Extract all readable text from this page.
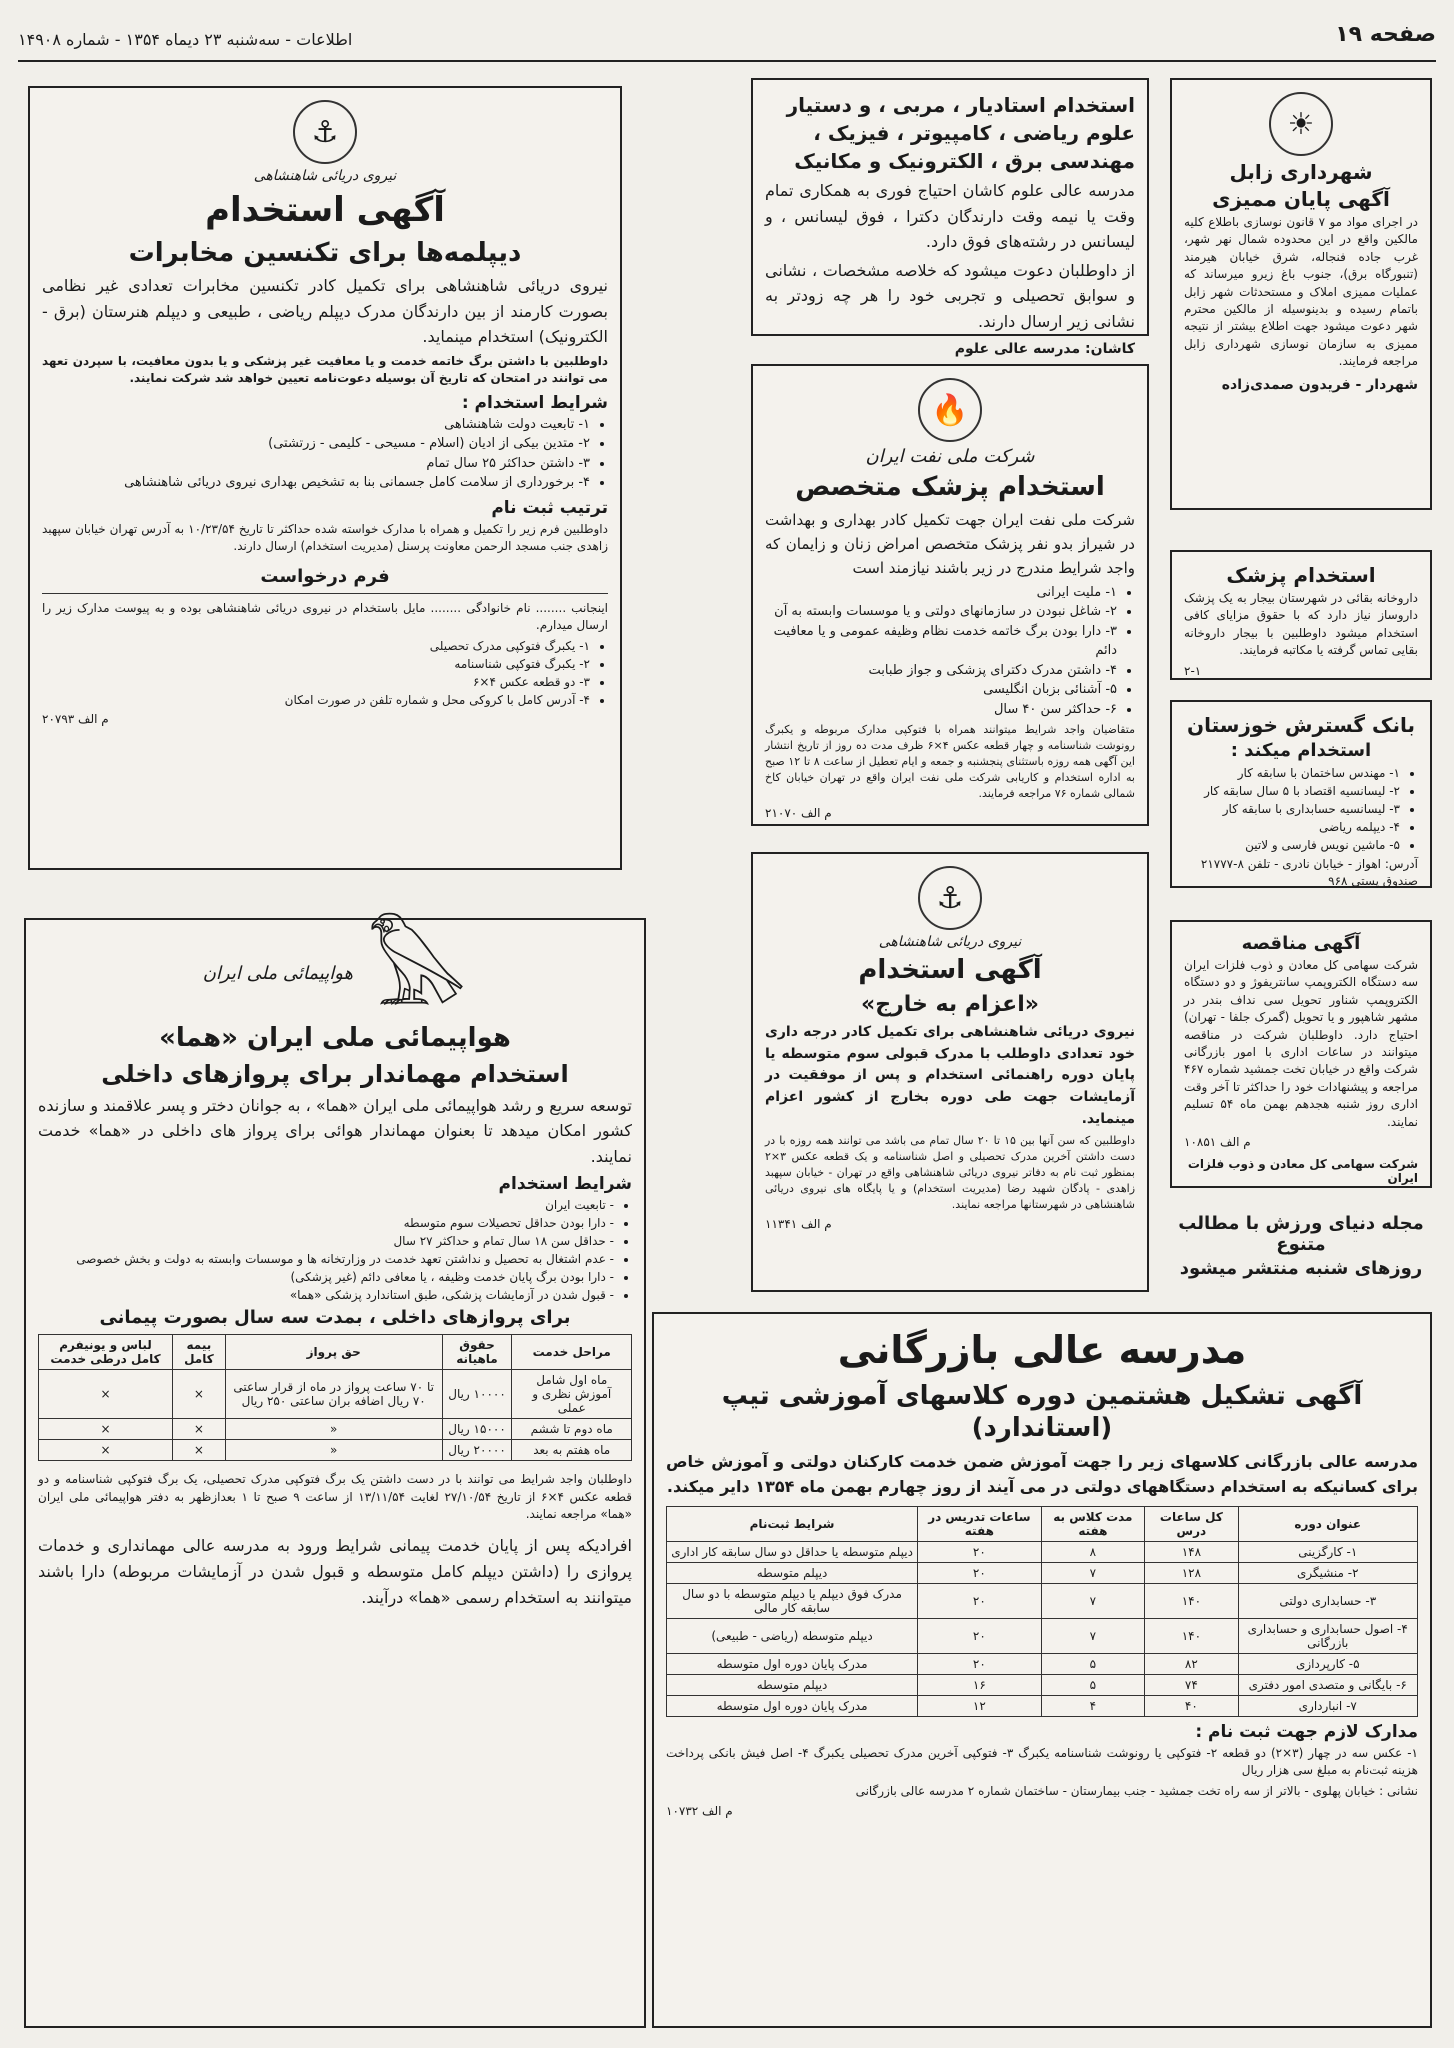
صفحه ۱۹
اطلاعات - سه‌شنبه ۲۳ دیماه ۱۳۵۴ - شماره ۱۴۹۰۸
☀
شهرداری زابل
آگهی پایان ممیزی

در اجرای مواد مو ۷ قانون نوسازی باطلاع کلیه مالکین واقع در این محدوده شمال نهر شهر، غرب جاده فنجاله، شرق خیابان هیرمند (تنبورگاه برق)، جنوب باغ زیرو میرساند که عملیات ممیزی املاک و مستحدثات شهر زابل باتمام رسیده و بدینوسیله از مالکین محترم شهر دعوت میشود جهت اطلاع بیشتر از نتیجه ممیزی به سازمان نوسازی شهرداری زابل مراجعه فرمایند.

شهردار - فریدون صمدی‌زاده
استخدام پزشک

داروخانه بقائی در شهرستان بیجار به یک پزشک داروساز نیاز دارد که با حقوق مزایای کافی استخدام میشود داوطلبین با بیجار داروخانه بقایی تماس گرفته یا مکاتبه فرمایند.

۲-۱
بانک گسترش خوزستان
استخدام میکند :
• ۱- مهندس ساختمان با سابقه کار
• ۲- لیسانسیه اقتصاد با ۵ سال سابقه کار
• ۳- لیسانسیه حسابداری با سابقه کار
• ۴- دیپلمه ریاضی
• ۵- ماشین نویس فارسی و لاتین
آدرس: اهواز - خیابان نادری - تلفن ۸-۲۱۷۷۷ صندوق پستی ۹۶۸
آگهی مناقصه

شرکت سهامی کل معادن و ذوب فلزات ایران سه دستگاه الکتروپمپ سانتریفوژ و دو دستگاه الکتروپمپ شناور تحویل سی نداف بندر در مشهر شاهپور و یا تحویل (گمرک جلفا - تهران) احتیاج دارد. داوطلبان شرکت در مناقصه میتوانند در ساعات اداری با امور بازرگانی شرکت واقع در خیابان تخت جمشید شماره ۴۶۷ مراجعه و پیشنهادات خود را حداکثر تا آخر وقت اداری روز شنبه هجدهم بهمن ماه ۵۴ تسلیم نمایند.

م الف ۱۰۸۵۱
شرکت سهامی کل معادن و ذوب فلزات ایران
مجله دنیای ورزش با مطالب متنوع
روزهای شنبه منتشر میشود
استخدام استادیار ، مربی ، و دستیار علوم ریاضی ، کامپیوتر ، فیزیک ، مهندسی برق ، الکترونیک و مکانیک

مدرسه عالی علوم کاشان احتیاج فوری به همکاری تمام وقت یا نیمه وقت دارندگان دکترا ، فوق لیسانس ، و لیسانس در رشته‌های فوق دارد.

از داوطلبان دعوت میشود که خلاصه مشخصات ، نشانی و سوابق تحصیلی و تجربی خود را هر چه زودتر به نشانی زیر ارسال دارند.

کاشان: مدرسه عالی علوم
🔥
شرکت ملی نفت ایران
استخدام پزشک متخصص

شرکت ملی نفت ایران جهت تکمیل کادر بهداری و بهداشت در شیراز بدو نفر پزشک متخصص امراض زنان و زایمان که واجد شرایط مندرج در زیر باشند نیازمند است

• ۱- ملیت ایرانی
• ۲- شاغل نبودن در سازمانهای دولتی و یا موسسات وابسته به آن
• ۳- دارا بودن برگ خاتمه خدمت نظام وظیفه عمومی و یا معافیت دائم
• ۴- داشتن مدرک دکترای پزشکی و جواز طبابت
• ۵- آشنائی بزبان انگلیسی
• ۶- حداکثر سن ۴۰ سال

متقاضیان واجد شرایط میتوانند همراه با فتوکپی مدارک مربوطه و یکبرگ رونوشت شناسنامه و چهار قطعه عکس ۴×۶ ظرف مدت ده روز از تاریخ انتشار این آگهی همه روزه باستثنای پنجشنبه و جمعه و ایام تعطیل از ساعت ۸ تا ۱۲ صبح به اداره استخدام و کاریابی شرکت ملی نفت ایران واقع در تهران خیابان کاخ شمالی شماره ۷۶ مراجعه فرمایند.

م الف ۲۱۰۷۰
⚓
نیروی دریائی شاهنشاهی
آگهی استخدام
«اعزام به خارج»

نیروی دریائی شاهنشاهی برای تکمیل کادر درجه داری خود تعدادی داوطلب با مدرک قبولی سوم متوسطه یا پایان دوره راهنمائی استخدام و پس از موفقیت در آزمایشات جهت طی دوره بخارج از کشور اعزام مینماید.

داوطلبین که سن آنها بین ۱۵ تا ۲۰ سال تمام می باشد می توانند همه روزه با در دست داشتن آخرین مدرک تحصیلی و اصل شناسنامه و یک قطعه عکس ۳×۲ بمنظور ثبت نام به دفاتر نیروی دریائی شاهنشاهی واقع در تهران - خیابان سپهبد زاهدی - پادگان شهید رضا (مدیریت استخدام) و یا پایگاه های نیروی دریائی شاهنشاهی در شهرستانها مراجعه نمایند.

م الف ۱۱۳۴۱
⚓
نیروی دریائی شاهنشاهی
آگهی استخدام
دیپلمه‌ها برای تکنسین مخابرات

نیروی دریائی شاهنشاهی برای تکمیل کادر تکنسین مخابرات تعدادی غیر نظامی بصورت کارمند از بین دارندگان مدرک دیپلم ریاضی ، طبیعی و دیپلم هنرستان (برق - الکترونیک) استخدام مینماید.

داوطلبین با داشتن برگ خاتمه خدمت و یا معافیت غیر پزشکی و یا بدون معافیت، با سپردن تعهد می توانند در امتحان که تاریخ آن بوسیله دعوت‌نامه تعیین خواهد شد شرکت نمایند.

شرایط استخدام :
• ۱- تابعیت دولت شاهنشاهی
• ۲- متدین بیکی از ادیان (اسلام - مسیحی - کلیمی - زرتشتی)
• ۳- داشتن حداکثر ۲۵ سال تمام
• ۴- برخورداری از سلامت کامل جسمانی بنا به تشخیص بهداری نیروی دریائی شاهنشاهی
ترتیب ثبت نام

داوطلبین فرم زیر را تکمیل و همراه با مدارک خواسته شده حداکثر تا تاریخ ۱۰/۲۳/۵۴ به آدرس تهران خیابان سپهبد زاهدی جنب مسجد الرحمن معاونت پرسنل (مدیریت استخدام) ارسال دارند.

فرم درخواست

اینجانب ........ نام خانوادگی ........ مایل باستخدام در نیروی دریائی شاهنشاهی بوده و به پیوست مدارک زیر را ارسال میدارم.

• ۱- یکبرگ فتوکپی مدرک تحصیلی
• ۲- یکبرگ فتوکپی شناسنامه
• ۳- دو قطعه عکس ۴×۶
• ۴- آدرس کامل با کروکی محل و شماره تلفن در صورت امکان
م الف ۲۰۷۹۳
𓅃
هواپیمائی ملی ایران
هواپیمائی ملی ایران «هما»
استخدام مهماندار برای پروازهای داخلی

توسعه سریع و رشد هواپیمائی ملی ایران «هما» ، به جوانان دختر و پسر علاقمند و سازنده کشور امکان میدهد تا بعنوان مهماندار هوائی برای پرواز های داخلی در «هما» خدمت نمایند.

شرایط استخدام
• - تابعیت ایران
• - دارا بودن حداقل تحصیلات سوم متوسطه
• - حداقل سن ۱۸ سال تمام و حداکثر ۲۷ سال
• - عدم اشتغال به تحصیل و نداشتن تعهد خدمت در وزارتخانه ها و موسسات وابسته به دولت و بخش خصوصی
• - دارا بودن برگ پایان خدمت وظیفه ، یا معافی دائم (غیر پزشکی)
• - قبول شدن در آزمایشات پزشکی، طبق استاندارد پزشکی «هما»
برای پروازهای داخلی ، بمدت سه سال بصورت پیمانی
مراحل خدمت	حقوق ماهیانه	حق پرواز	بیمه کامل	لباس و یونیفرم کامل درطی خدمت
ماه اول شامل آموزش نظری و عملی	۱۰۰۰۰ ریال	تا ۷۰ ساعت پرواز در ماه از قرار ساعتی ۷۰ ریال اضافه بران ساعتی ۲۵۰ ریال	×	×
ماه دوم تا ششم	۱۵۰۰۰ ریال	«	×	×
ماه هفتم به بعد	۲۰۰۰۰ ریال	«	×	×

داوطلبان واجد شرایط می توانند با در دست داشتن یک برگ فتوکپی مدرک تحصیلی، یک برگ فتوکپی شناسنامه و دو قطعه عکس ۴×۶ از تاریخ ۲۷/۱۰/۵۴ لغایت ۱۳/۱۱/۵۴ از ساعت ۹ صبح تا ۱ بعدازظهر به دفتر هواپیمائی ملی ایران «هما» مراجعه نمایند.

افرادیکه پس از پایان خدمت پیمانی شرایط ورود به مدرسه عالی مهمانداری و خدمات پروازی را (داشتن دیپلم کامل متوسطه و قبول شدن در آزمایشات مربوطه) دارا باشند میتوانند به استخدام رسمی «هما» درآیند.

مدرسه عالی بازرگانی
آگهی تشکیل هشتمین دوره کلاسهای آموزشی تیپ (استاندارد)

مدرسه عالی بازرگانی کلاسهای زیر را جهت آموزش ضمن خدمت کارکنان دولتی و آموزش خاص برای کسانیکه به استخدام دستگاههای دولتی در می آیند از روز چهارم بهمن ماه ۱۳۵۴ دایر میکند.

عنوان دوره	کل ساعات درس	مدت کلاس به هفته	ساعات تدریس در هفته	شرایط ثبت‌نام
۱- کارگزینی	۱۴۸	۸	۲۰	دیپلم متوسطه یا حداقل دو سال سابقه کار اداری
۲- منشیگری	۱۲۸	۷	۲۰	دیپلم متوسطه
۳- حسابداری دولتی	۱۴۰	۷	۲۰	مدرک فوق دیپلم یا دیپلم متوسطه با دو سال سابقه کار مالی
۴- اصول حسابداری و حسابداری بازرگانی	۱۴۰	۷	۲۰	دیپلم متوسطه (ریاضی - طبیعی)
۵- کارپردازی	۸۲	۵	۲۰	مدرک پایان دوره اول متوسطه
۶- بایگانی و متصدی امور دفتری	۷۴	۵	۱۶	دیپلم متوسطه
۷- انبارداری	۴۰	۴	۱۲	مدرک پایان دوره اول متوسطه
مدارک لازم جهت ثبت نام :

۱- عکس سه در چهار (۳×۲) دو قطعه ۲- فتوکپی یا رونوشت شناسنامه یکبرگ ۳- فتوکپی آخرین مدرک تحصیلی یکبرگ ۴- اصل فیش بانکی پرداخت هزینه ثبت‌نام به مبلغ سی هزار ریال

نشانی : خیابان پهلوی - بالاتر از سه راه تخت جمشید - جنب بیمارستان - ساختمان شماره ۲ مدرسه عالی بازرگانی

م الف ۱۰۷۳۲
